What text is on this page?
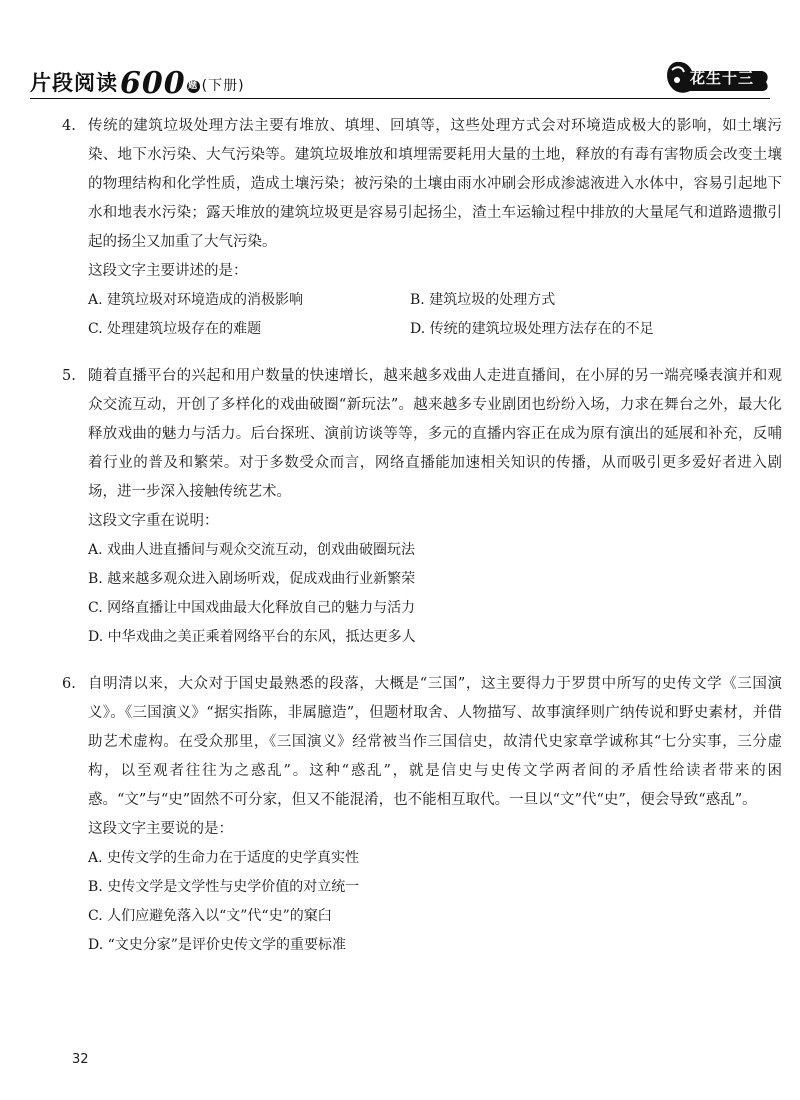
片段阅读600 题 (下册)	花生十三

4. 传统的建筑垃圾处理方法主要有堆放、填埋、回填等，这些处理方式会对环境造成极大的影响，如土壤污染、地下水污染、大气污染等。建筑垃圾堆放和填埋需要耗用大量的土地，释放的有毒有害物质会改变土壤的物理结构和化学性质，造成土壤污染；被污染的土壤由雨水冲刷会形成渗滤液进入水体中，容易引起地下水和地表水污染；露天堆放的建筑垃圾更是容易引起扬尘，渣土车运输过程中排放的大量尾气和道路遗撒引起的扬尘又加重了大气污染。

这段文字主要讲述的是：
A. 建筑垃圾对环境造成的消极影响	B. 建筑垃圾的处理方式
C. 处理建筑垃圾存在的难题	D. 传统的建筑垃圾处理方法存在的不足

5. 随着直播平台的兴起和用户数量的快速增长，越来越多戏曲人走进直播间，在小屏的另一端亮嗓表演并和观众交流互动，开创了多样化的戏曲破圈“新玩法”。越来越多专业剧团也纷纷入场，力求在舞台之外，最大化释放戏曲的魅力与活力。后台探班、演前访谈等等，多元的直播内容正在成为原有演出的延展和补充，反哺着行业的普及和繁荣。对于多数受众而言，网络直播能加速相关知识的传播，从而吸引更多爱好者进入剧场，进一步深入接触传统艺术。

这段文字重在说明：
A. 戏曲人进直播间与观众交流互动，创戏曲破圈玩法
B. 越来越多观众进入剧场听戏，促成戏曲行业新繁荣
C. 网络直播让中国戏曲最大化释放自己的魅力与活力
D. 中华戏曲之美正乘着网络平台的东风，抵达更多人

6. 自明清以来，大众对于国史最熟悉的段落，大概是“三国”，这主要得力于罗贯中所写的史传文学《三国演义》。《三国演义》“据实指陈，非属臆造”，但题材取舍、人物描写、故事演绎则广纳传说和野史素材，并借助艺术虚构。在受众那里，《三国演义》经常被当作三国信史，故清代史家章学诚称其“七分实事，三分虚构，以至观者往往为之惑乱”。这种“惑乱”，就是信史与史传文学两者间的矛盾性给读者带来的困惑。“文”与“史”固然不可分家，但又不能混淆，也不能相互取代。一旦以“文”代“史”，便会导致“惑乱”。

这段文字主要说的是：
A. 史传文学的生命力在于适度的史学真实性
B. 史传文学是文学性与史学价值的对立统一
C. 人们应避免落入以“文”代“史”的窠臼
D. “文史分家”是评价史传文学的重要标准
32
